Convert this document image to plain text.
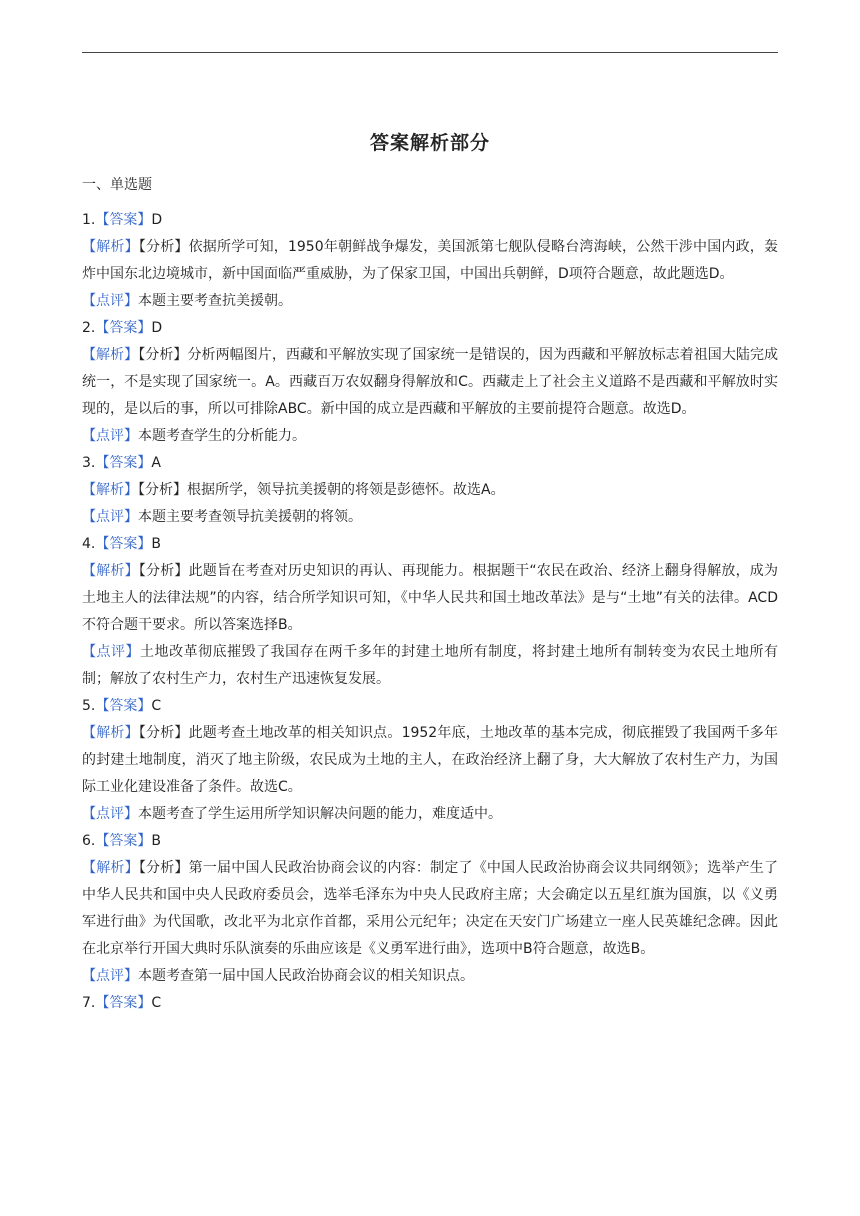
答案解析部分
一、单选题
1.【答案】D
【解析】【分析】依据所学可知，1950年朝鲜战争爆发，美国派第七舰队侵略台湾海峡，公然干涉中国内政，轰炸中国东北边境城市，新中国面临严重威胁，为了保家卫国，中国出兵朝鲜，D项符合题意，故此题选D。
【点评】本题主要考查抗美援朝。
2.【答案】D
【解析】【分析】分析两幅图片，西藏和平解放实现了国家统一是错误的，因为西藏和平解放标志着祖国大陆完成统一，不是实现了国家统一。A。西藏百万农奴翻身得解放和C。西藏走上了社会主义道路不是西藏和平解放时实现的，是以后的事，所以可排除ABC。新中国的成立是西藏和平解放的主要前提符合题意。故选D。
【点评】本题考查学生的分析能力。
3.【答案】A
【解析】【分析】根据所学，领导抗美援朝的将领是彭德怀。故选A。
【点评】本题主要考查领导抗美援朝的将领。
4.【答案】B
【解析】【分析】此题旨在考查对历史知识的再认、再现能力。根据题干“农民在政治、经济上翻身得解放，成为土地主人的法律法规”的内容，结合所学知识可知，《中华人民共和国土地改革法》是与“土地”有关的法律。ACD不符合题干要求。所以答案选择B。
【点评】土地改革彻底摧毁了我国存在两千多年的封建土地所有制度，将封建土地所有制转变为农民土地所有制；解放了农村生产力，农村生产迅速恢复发展。
5.【答案】C
【解析】【分析】此题考查土地改革的相关知识点。1952年底，土地改革的基本完成，彻底摧毁了我国两千多年的封建土地制度，消灭了地主阶级，农民成为土地的主人，在政治经济上翻了身，大大解放了农村生产力，为国际工业化建设准备了条件。故选C。
【点评】本题考查了学生运用所学知识解决问题的能力，难度适中。
6.【答案】B
【解析】【分析】第一届中国人民政治协商会议的内容：制定了《中国人民政治协商会议共同纲领》；选举产生了中华人民共和国中央人民政府委员会，选举毛泽东为中央人民政府主席；大会确定以五星红旗为国旗，以《义勇军进行曲》为代国歌，改北平为北京作首都，采用公元纪年；决定在天安门广场建立一座人民英雄纪念碑。因此在北京举行开国大典时乐队演奏的乐曲应该是《义勇军进行曲》，选项中B符合题意，故选B。
【点评】本题考查第一届中国人民政治协商会议的相关知识点。
7.【答案】C
